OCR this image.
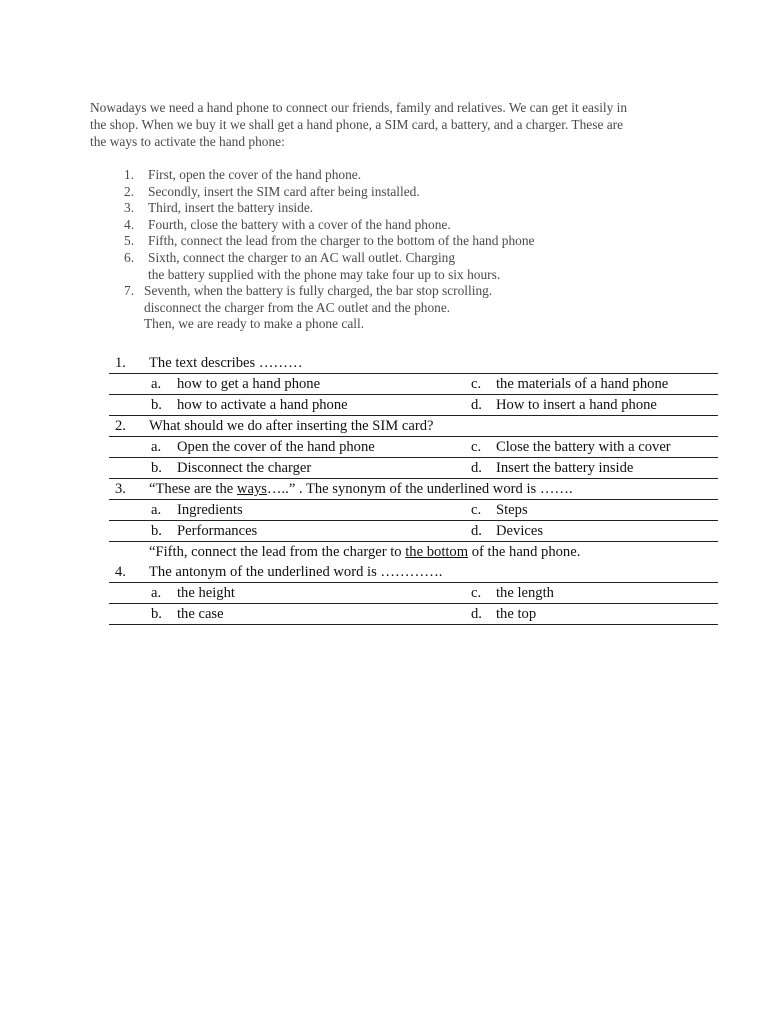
Nowadays we need a hand phone to connect our friends, family and relatives. We can get it easily in
the shop. When we buy it we shall get a hand phone, a SIM card, a battery, and a charger. These are
the ways to activate the hand phone:
1. First, open the cover of the hand phone.
2. Secondly, insert the SIM card after being installed.
3. Third, insert the battery inside.
4. Fourth, close the battery with a cover of the hand phone.
5. Fifth, connect the lead from the charger to the bottom of the hand phone
6. Sixth, connect the charger to an AC wall outlet. Charging
the battery supplied with the phone may take four up to six hours.
7. Seventh, when the battery is fully charged, the bar stop scrolling.
disconnect the charger from the AC outlet and the phone.
Then, we are ready to make a phone call.
1.	The text describes ………			
	a.	how to get a hand phone	c.	the materials of a hand phone
	b.	how to activate a hand phone	d.	How to insert a hand phone
2.	What should we do after inserting the SIM card?			
	a.	Open the cover of the hand phone	c.	Close the battery with a cover
	b.	Disconnect the charger	d.	Insert the battery inside
3.	“These are the ways…..” . The synonym of the underlined word is …….			
	a.	Ingredients	c.	Steps
	b.	Performances	d.	Devices
	“Fifth, connect the lead from the charger to the bottom of the hand phone.			
4.	The antonym of the underlined word is ………….			
	a.	the height	c.	the length
	b.	the case	d.	the top
